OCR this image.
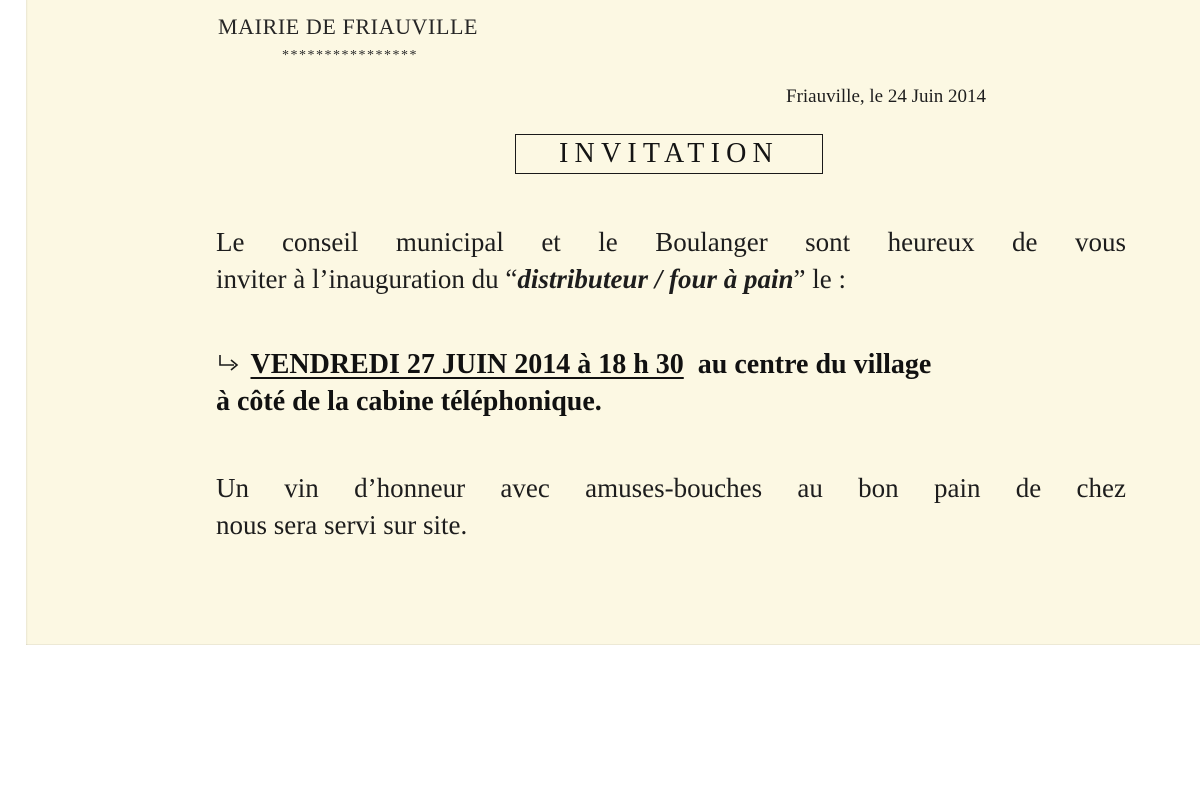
MAIRIE DE FRIAUVILLE
****************
Friauville, le 24 Juin 2014
INVITATION
Le conseil municipal et le Boulanger sont heureux de vous
inviter à l’inauguration du “distributeur / four à pain” le :
VENDREDI 27 JUIN 2014 à 18 h 30 au centre du village
à côté de la cabine téléphonique.
Un vin d’honneur avec amuses-bouches au bon pain de chez
nous sera servi sur site.
